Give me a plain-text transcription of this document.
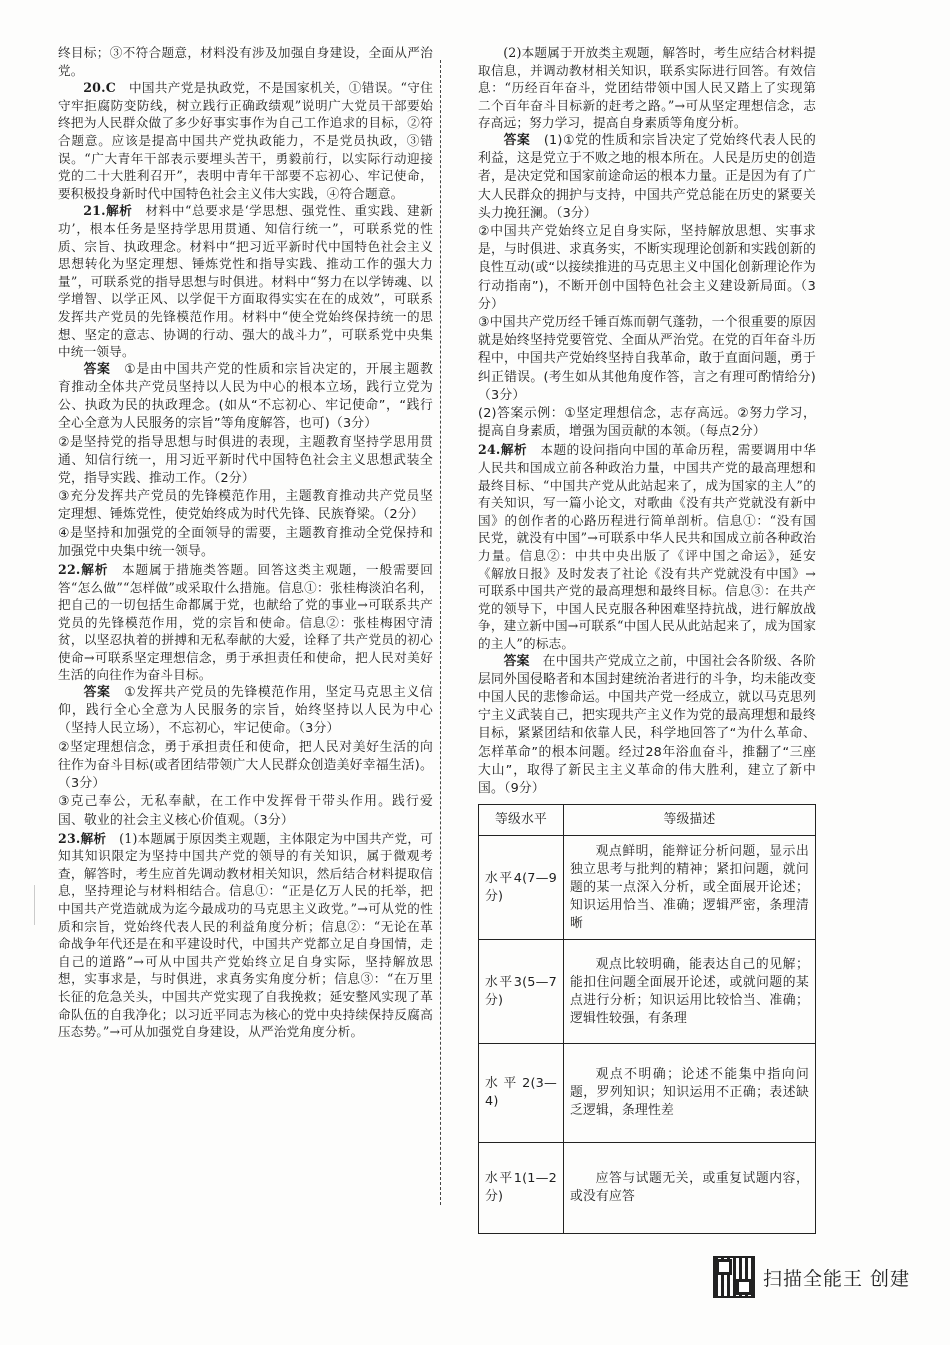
终目标；③不符合题意，材料没有涉及加强自身建设，全面从严治党。

20.C　 中国共产党是执政党，不是国家机关，①错误。“守住守牢拒腐防变防线，树立践行正确政绩观”说明广大党员干部要始终把为人民群众做了多少好事实事作为自己工作追求的目标，②符合题意。应该是提高中国共产党执政能力，不是党员执政，③错误。“广大青年干部表示要埋头苦干，勇毅前行，以实际行动迎接党的二十大胜利召开”，表明中青年干部要不忘初心、牢记使命，要积极投身新时代中国特色社会主义伟大实践，④符合题意。

21.解析　 材料中“总要求是‘学思想、强党性、重实践、建新功’，根本任务是坚持学思用贯通、知信行统一”，可联系党的性质、宗旨、执政理念。材料中“把习近平新时代中国特色社会主义思想转化为坚定理想、锤炼党性和指导实践、推动工作的强大力量”，可联系党的指导思想与时俱进。材料中“努力在以学铸魂、以学增智、以学正风、以学促干方面取得实实在在的成效”，可联系发挥共产党员的先锋模范作用。材料中“使全党始终保持统一的思想、坚定的意志、协调的行动、强大的战斗力”，可联系党中央集中统一领导。

答案　 ①是由中国共产党的性质和宗旨决定的，开展主题教育推动全体共产党员坚持以人民为中心的根本立场，践行立党为公、执政为民的执政理念。(如从“不忘初心、牢记使命”，“践行全心全意为人民服务的宗旨”等角度解答，也可)（3分）

②是坚持党的指导思想与时俱进的表现，主题教育坚持学思用贯通、知信行统一，用习近平新时代中国特色社会主义思想武装全党，指导实践、推动工作。（2分）

③充分发挥共产党员的先锋模范作用，主题教育推动共产党员坚定理想、锤炼党性，使党始终成为时代先锋、民族脊梁。（2分）

④是坚持和加强党的全面领导的需要，主题教育推动全党保持和加强党中央集中统一领导。

22.解析　 本题属于措施类答题。回答这类主观题，一般需要回答“怎么做”“怎样做”或采取什么措施。信息①：张桂梅淡泊名利，把自己的一切包括生命都属于党，也献给了党的事业→可联系共产党员的先锋模范作用，党的宗旨和使命。信息②：张桂梅困守清贫，以坚忍执着的拼搏和无私奉献的大爱，诠释了共产党员的初心使命→可联系坚定理想信念，勇于承担责任和使命，把人民对美好生活的向往作为奋斗目标。

答案　 ①发挥共产党员的先锋模范作用，坚定马克思主义信仰，践行全心全意为人民服务的宗旨，始终坚持以人民为中心（坚持人民立场），不忘初心，牢记使命。（3分）

②坚定理想信念，勇于承担责任和使命，把人民对美好生活的向往作为奋斗目标(或者团结带领广大人民群众创造美好幸福生活)。（3分）

③克己奉公，无私奉献，在工作中发挥骨干带头作用。践行爱国、敬业的社会主义核心价值观。（3分）

23.解析　 (1)本题属于原因类主观题，主体限定为中国共产党，可知其知识限定为坚持中国共产党的领导的有关知识，属于微观考查，解答时，考生应首先调动教材相关知识，然后结合材料提取信息，坚持理论与材料相结合。信息①：“正是亿万人民的托举，把中国共产党造就成为迄今最成功的马克思主义政党。”→可从党的性质和宗旨，党始终代表人民的利益角度分析；信息②：“无论在革命战争年代还是在和平建设时代，中国共产党都立足自身国情，走自己的道路”→可从中国共产党始终立足自身实际，坚持解放思想，实事求是，与时俱进，求真务实角度分析；信息③：“在万里长征的危急关头，中国共产党实现了自我挽救；延安整风实现了革命队伍的自我净化；以习近平同志为核心的党中央持续保持反腐高压态势。”→可从加强党自身建设，从严治党角度分析。

(2)本题属于开放类主观题，解答时，考生应结合材料提取信息，并调动教材相关知识，联系实际进行回答。有效信息：“历经百年奋斗，党团结带领中国人民又踏上了实现第二个百年奋斗目标新的赶考之路。”→可从坚定理想信念，志存高远；努力学习，提高自身素质等角度分析。

答案　 (1)①党的性质和宗旨决定了党始终代表人民的利益，这是党立于不败之地的根本所在。人民是历史的创造者，是决定党和国家前途命运的根本力量。正是因为有了广大人民群众的拥护与支持，中国共产党总能在历史的紧要关头力挽狂澜。（3分）

②中国共产党始终立足自身实际，坚持解放思想、实事求是，与时俱进、求真务实，不断实现理论创新和实践创新的良性互动(或“以接续推进的马克思主义中国化创新理论作为行动指南”)，不断开创中国特色社会主义建设新局面。（3分）

③中国共产党历经千锤百炼而朝气蓬勃，一个很重要的原因就是始终坚持党要管党、全面从严治党。在党的百年奋斗历程中，中国共产党始终坚持自我革命，敢于直面问题，勇于纠正错误。(考生如从其他角度作答，言之有理可酌情给分)（3分）

(2)答案示例：①坚定理想信念，志存高远。②努力学习，提高自身素质，增强为国贡献的本领。（每点2分）

24.解析　 本题的设问指向中国的革命历程，需要调用中华人民共和国成立前各种政治力量，中国共产党的最高理想和最终目标、“中国共产党从此站起来了，成为国家的主人”的有关知识，写一篇小论文，对歌曲《没有共产党就没有新中国》的创作者的心路历程进行简单剖析。信息①：“没有国民党，就没有中国”→可联系中华人民共和国成立前各种政治力量。信息②：中共中央出版了《评中国之命运》，延安《解放日报》及时发表了社论《没有共产党就没有中国》→可联系中国共产党的最高理想和最终目标。信息③：在共产党的领导下，中国人民克服各种困难坚持抗战，进行解放战争，建立新中国→可联系“中国人民从此站起来了，成为国家的主人”的标志。

答案　 在中国共产党成立之前，中国社会各阶级、各阶层同外国侵略者和本国封建统治者进行的斗争，均未能改变中国人民的悲惨命运。中国共产党一经成立，就以马克思列宁主义武装自己，把实现共产主义作为党的最高理想和最终目标，紧紧团结和依靠人民，科学地回答了“为什么革命、怎样革命”的根本问题。经过28年浴血奋斗，推翻了“三座大山”，取得了新民主主义革命的伟大胜利，建立了新中国。（9分）

等级水平	等级描述
水平4(7—9分)	观点鲜明，能辩证分析问题，显示出独立思考与批判的精神；紧扣问题，就问题的某一点深入分析，或全面展开论述；知识运用恰当、准确；逻辑严密，条理清晰
水平3(5—7分)	观点比较明确，能表达自己的见解；能扣住问题全面展开论述，或就问题的某点进行分析；知识运用比较恰当、准确；逻辑性较强，有条理
水平2(3—4)	观点不明确；论述不能集中指向问题，罗列知识；知识运用不正确；表述缺乏逻辑，条理性差
水平1(1—2分)	应答与试题无关，或重复试题内容，或没有应答
扫描全能王 创建
